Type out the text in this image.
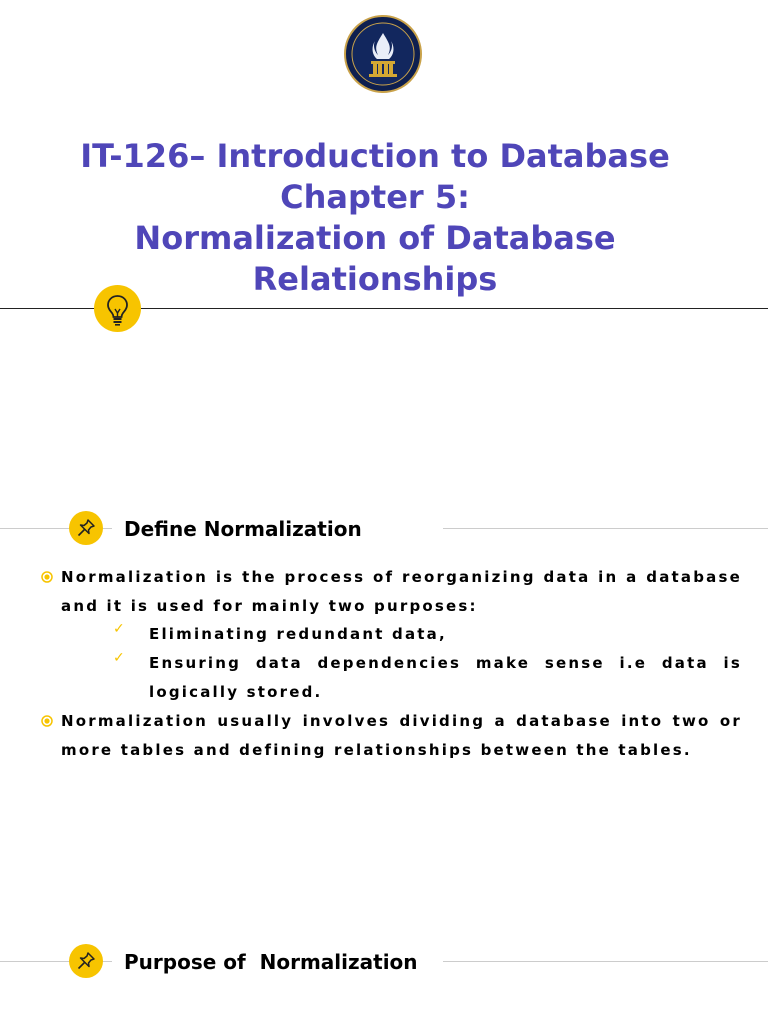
IT-126– Introduction to Database
Chapter 5:
Normalization of Database
Relationships
Define Normalization
Normalization is the process of reorganizing data in a database and it is used for mainly two purposes:
✓ Eliminating redundant data,
✓ Ensuring data dependencies make sense i.e data is logically stored.
Normalization usually involves dividing a database into two or more tables and defining relationships between the tables.
Purpose of  Normalization
